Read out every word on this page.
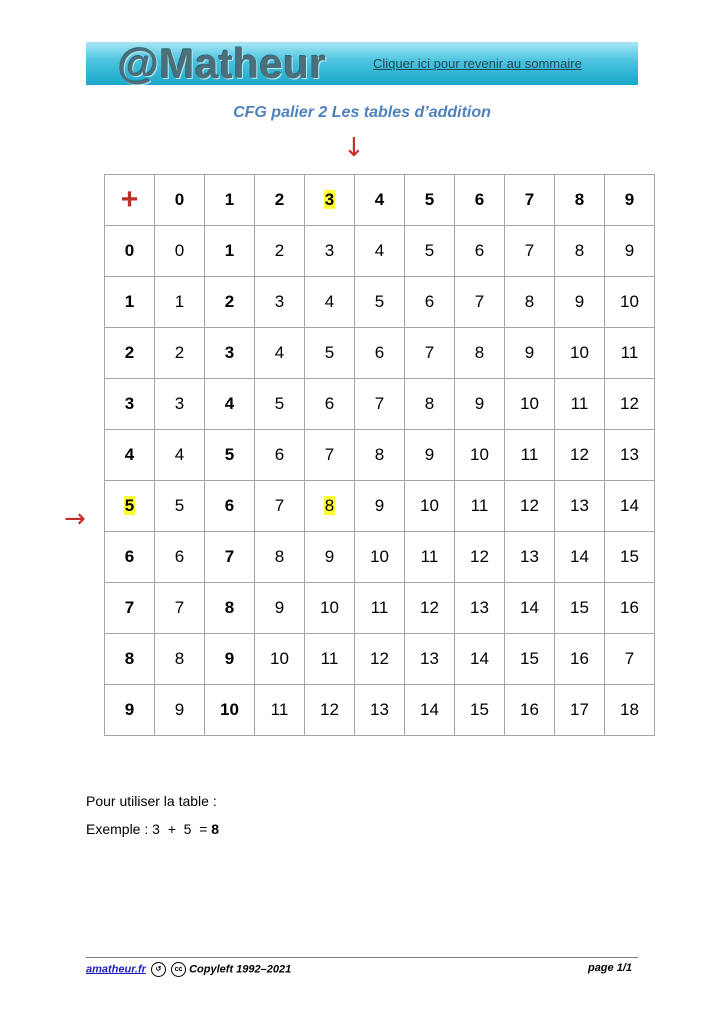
@Matheur	Cliquer ici pour revenir au sommaire
CFG palier 2 Les tables d’addition
↓
→
+	0	1	2	3	4	5	6	7	8	9
0	0	1	2	3	4	5	6	7	8	9
1	1	2	3	4	5	6	7	8	9	10
2	2	3	4	5	6	7	8	9	10	11
3	3	4	5	6	7	8	9	10	11	12
4	4	5	6	7	8	9	10	11	12	13
5	5	6	7	8	9	10	11	12	13	14
6	6	7	8	9	10	11	12	13	14	15
7	7	8	9	10	11	12	13	14	15	16
8	8	9	10	11	12	13	14	15	16	7
9	9	10	11	12	13	14	15	16	17	18
Pour utiliser la table :
Exemple : 3  +  5  = 8
amatheur.fr ↺ cc Copyleft 1992–2021	page 1/1
